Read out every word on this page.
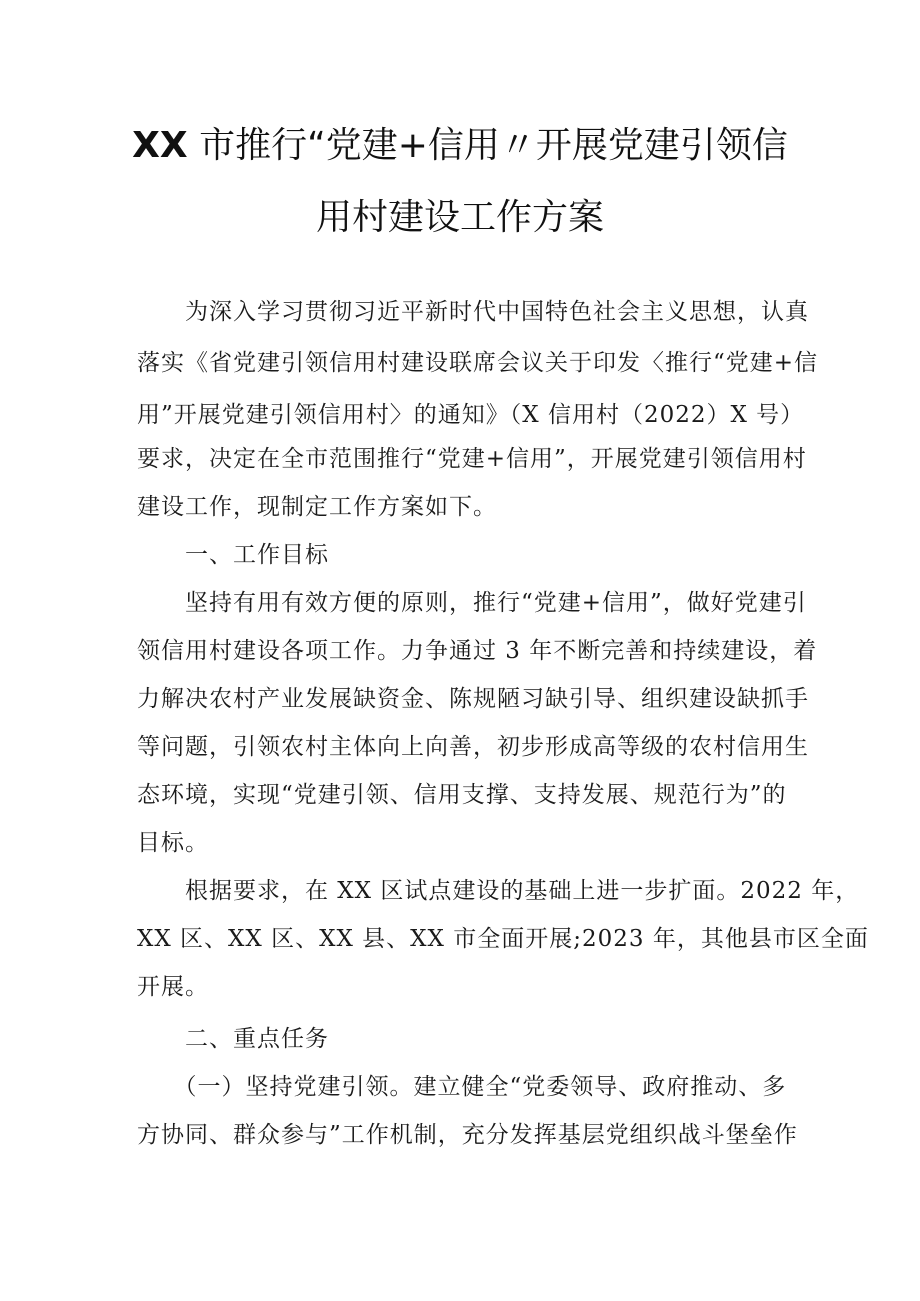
XX 市推行“党建+信用〃开展党建引领信
用村建设工作方案
　　为深入学习贯彻习近平新时代中国特色社会主义思想，认真
落实《省党建引领信用村建设联席会议关于印发〈推行“党建+信
用”开展党建引领信用村〉的通知》（X 信用村（2022）X 号）
要求，决定在全市范围推行“党建+信用”，开展党建引领信用村
建设工作，现制定工作方案如下。
　　一、工作目标
　　坚持有用有效方便的原则，推行“党建+信用”，做好党建引
领信用村建设各项工作。力争通过 3 年不断完善和持续建设，着
力解决农村产业发展缺资金、陈规陋习缺引导、组织建设缺抓手
等问题，引领农村主体向上向善，初步形成高等级的农村信用生
态环境，实现“党建引领、信用支撑、支持发展、规范行为”的
目标。
　　根据要求，在 XX 区试点建设的基础上进一步扩面。2022 年，
XX 区、XX 区、XX 县、XX 市全面开展;2023 年，其他县市区全面
开展。
　　二、重点任务
　　（一）坚持党建引领。建立健全“党委领导、政府推动、多
方协同、群众参与”工作机制，充分发挥基层党组织战斗堡垒作
